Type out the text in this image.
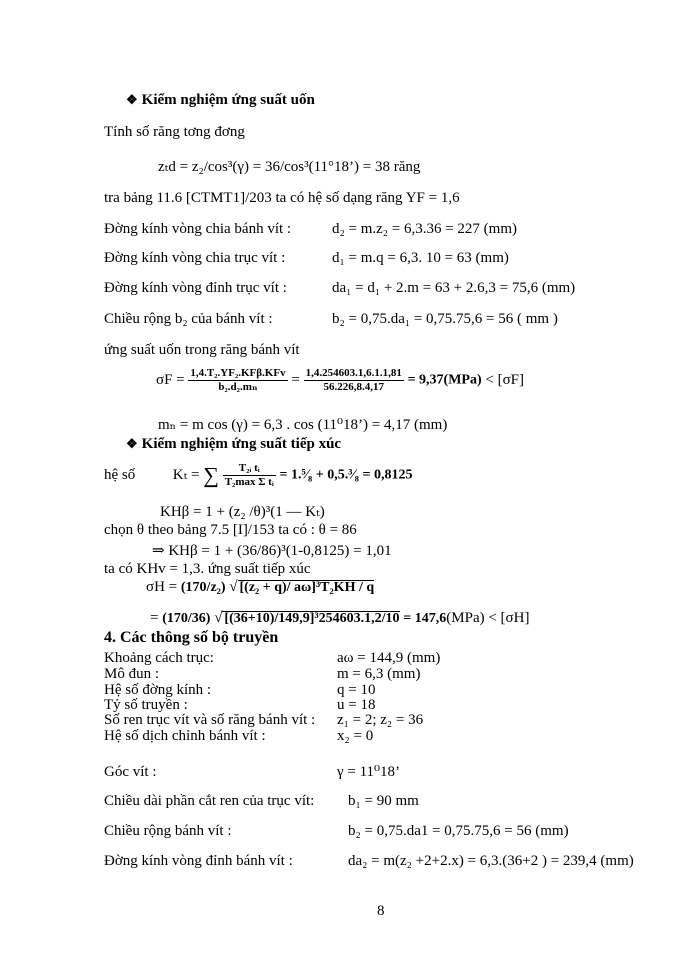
❖ Kiểm nghiệm ứng suất uốn
Tính số răng tơng đơng
zₜd = z₂/cos³(γ) = 36/cos³(11°18’) = 38 răng
tra bảng 11.6 [CTMT1]/203 ta có hệ số dạng răng YF = 1,6
Đờng kính vòng chia bánh vít :	d₂ = m.z₂ = 6,3.36 = 227 (mm)
Đờng kính vòng chia trục vít :	d₁ = m.q = 6,3. 10 = 63 (mm)
Đờng kính vòng đỉnh trục vít :	da₁ = d₁ + 2.m = 63 + 2.6,3 = 75,6 (mm)
Chiều rộng b₂ của bánh vít :	b₂ = 0,75.da₁ = 0,75.75,6 = 56 ( mm )
ứng suất uốn trong răng bánh vít
$\sigma F = \frac{\text{1,4.T₂.YF₂.KFβ.KFv}}{\text{b₂.d₂.mₙ}} = \frac{1,4.254603.1,6.1.1,81}{56.226,8.4,17} = 9,37(MPa) < [\sigma F]$
mₙ = m cos (γ) = 6,3 . cos (11⁰18’) = 4,17 (mm)
❖ Kiểm nghiệm ứng suất tiếp xúc
hệ số	Kₜ = ∑ $\frac{\text{T₂ᵢ tᵢ}}{\text{T₂max Σ tᵢ}}$ = 1.⁵⁄₈ + 0,5.³⁄₈ = 0,8125
KHβ = 1 + (z₂ /θ)³(1 — Kₜ)
chọn θ theo bảng 7.5 [I]/153 ta có : θ = 86
⇒ KHβ = 1 + (36/86)³(1-0,8125) = 1,01
ta có KHv = 1,3. ứng suất tiếp xúc
σH = (170/z₂) √ [(z₂ + q)/ aω]³T₂KH / q
= (170/36) √ [(36+10)/149,9]³254603.1,2/10 = 147,6(MPa) < [σH]
4. Các thông số bộ truyền
Khoảng cách trục:	aω = 144,9 (mm)
Mô đun :	m = 6,3 (mm)
Hệ số đờng kính :	q = 10
Tỷ số truyền :	u = 18
Số ren trục vít và số răng bánh vít : z₁ = 2; z₂ = 36
Hệ số dịch chỉnh bánh vít :	x₂ = 0
Góc vít :	γ = 11⁰18’
Chiều dài phần cắt ren của trục vít: b₁ = 90 mm
Chiều rộng bánh vít :	b₂ = 0,75.da1 = 0,75.75,6 = 56 (mm)
Đờng kính vòng đỉnh bánh vít :	da₂ = m(z₂ +2+2.x) = 6,3.(36+2 ) = 239,4 (mm)
8
